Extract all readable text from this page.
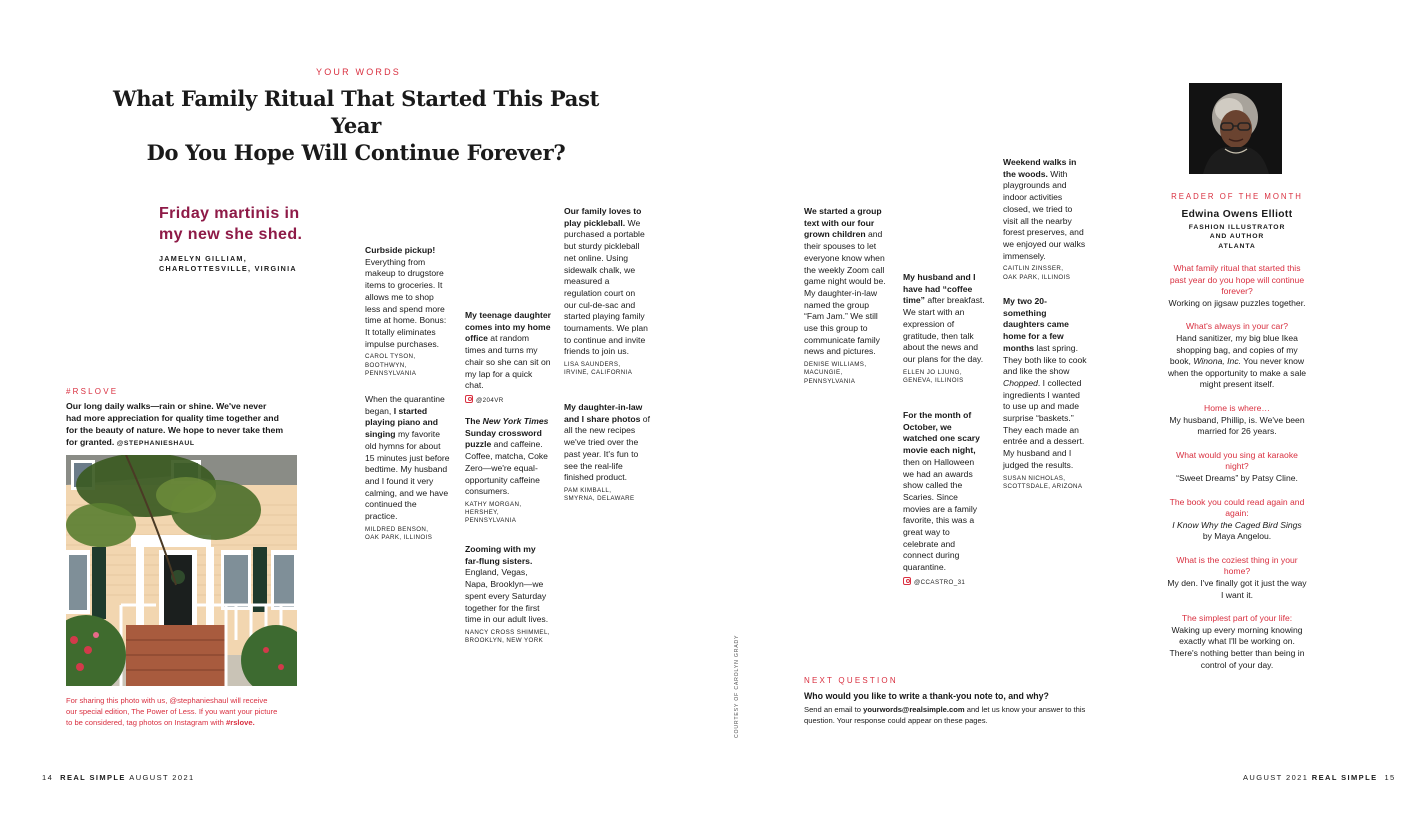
YOUR WORDS
What Family Ritual That Started This Past Year
Do You Hope Will Continue Forever?
Friday martinis in
my new she shed.
JAMELYN GILLIAM,
CHARLOTTESVILLE, VIRGINIA
#RSLOVE
Our long daily walks—rain or shine. We've never had more appreciation for quality time together and for the beauty of nature. We hope to never take them for granted. @STEPHANIESHAUL
For sharing this photo with us, @stephanieshaul will receive
our special edition, The Power of Less. If you want your picture
to be considered, tag photos on Instagram with #rslove.
Curbside pickup! Everything from makeup to drugstore items to groceries. It allows me to shop less and spend more time at home. Bonus: It totally eliminates impulse purchases.
CAROL TYSON,
BOOTHWYN,
PENNSYLVANIA
When the quarantine began, I started playing piano and singing my favorite old hymns for about 15 minutes just before bedtime. My husband and I found it very calming, and we have continued the practice.
MILDRED BENSON,
OAK PARK, ILLINOIS
My teenage daughter comes into my home office at random times and turns my chair so she can sit on my lap for a quick chat.
@204VR
The New York Times Sunday crossword puzzle and caffeine. Coffee, matcha, Coke Zero—we're equal-opportunity caffeine consumers.
KATHY MORGAN,
HERSHEY, PENNSYLVANIA
Zooming with my far-flung sisters. England, Vegas, Napa, Brooklyn—we spent every Saturday together for the first time in our adult lives.
NANCY CROSS SHIMMEL,
BROOKLYN, NEW YORK
Our family loves to play pickleball. We purchased a portable but sturdy pickleball net online. Using sidewalk chalk, we measured a regulation court on our cul-de-sac and started playing family tournaments. We plan to continue and invite friends to join us.
LISA SAUNDERS,
IRVINE, CALIFORNIA
My daughter-in-law and I share photos of all the new recipes we've tried over the past year. It's fun to see the real-life finished product.
PAM KIMBALL,
SMYRNA, DELAWARE
COURTESY OF CAROLYN GRADY
We started a group text with our four grown children and their spouses to let everyone know when the weekly Zoom call game night would be. My daughter-in-law named the group “Fam Jam.” We still use this group to communicate family news and pictures.
DENISE WILLIAMS,
MACUNGIE,
PENNSYLVANIA
My husband and I have had “coffee time” after breakfast. We start with an expression of gratitude, then talk about the news and our plans for the day.
ELLEN JO LJUNG,
GENEVA, ILLINOIS
For the month of October, we watched one scary movie each night, then on Halloween we had an awards show called the Scaries. Since movies are a family favorite, this was a great way to celebrate and connect during quarantine.
@CCASTRO_31
Weekend walks in the woods. With playgrounds and indoor activities closed, we tried to visit all the nearby forest preserves, and we enjoyed our walks immensely.
CAITLIN ZINSSER,
OAK PARK, ILLINOIS
My two 20-something daughters came home for a few months last spring. They both like to cook and like the show Chopped. I collected ingredients I wanted to use up and made surprise “baskets.” They each made an entrée and a dessert. My husband and I judged the results.
SUSAN NICHOLAS,
SCOTTSDALE, ARIZONA
NEXT QUESTION
Who would you like to write a thank-you note to, and why?
Send an email to yourwords@realsimple.com and let us know your answer to this question. Your response could appear on these pages.
READER OF THE MONTH
Edwina Owens Elliott
FASHION ILLUSTRATOR
AND AUTHOR
ATLANTA

What family ritual that started this past year do you hope will continue forever?
Working on jigsaw puzzles together.

What's always in your car?
Hand sanitizer, my big blue Ikea shopping bag, and copies of my book, Winona, Inc. You never know when the opportunity to make a sale might present itself.

Home is where…
My husband, Phillip, is. We've been married for 26 years.

What would you sing at karaoke night?
“Sweet Dreams” by Patsy Cline.

The book you could read again and again:
I Know Why the Caged Bird Sings
by Maya Angelou.

What is the coziest thing in your home?
My den. I've finally got it just the way I want it.

The simplest part of your life:
Waking up every morning knowing exactly what I'll be working on. There's nothing better than being in control of your day.

14 REAL SIMPLE AUGUST 2021	AUGUST 2021 REAL SIMPLE 15
